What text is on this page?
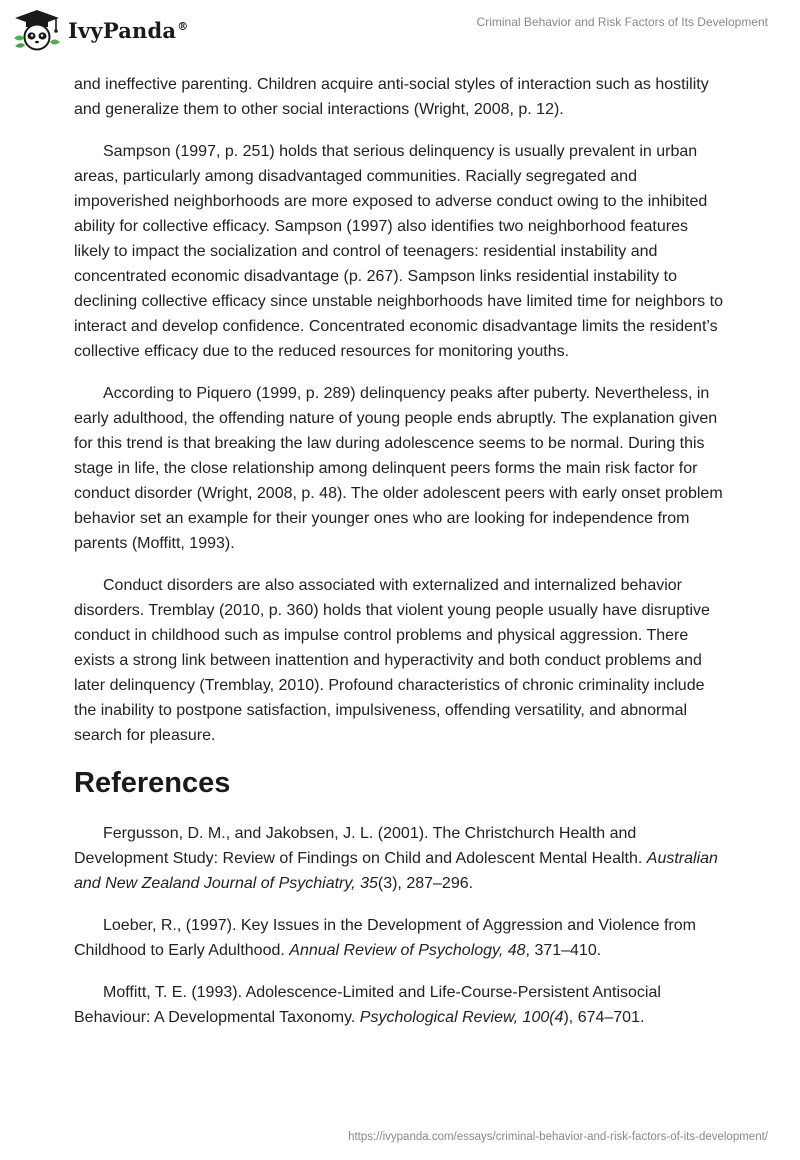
IvyPanda®	Criminal Behavior and Risk Factors of Its Development

and ineffective parenting. Children acquire anti-social styles of interaction such as hostility and generalize them to other social interactions (Wright, 2008, p. 12).

Sampson (1997, p. 251) holds that serious delinquency is usually prevalent in urban areas, particularly among disadvantaged communities. Racially segregated and impoverished neighborhoods are more exposed to adverse conduct owing to the inhibited ability for collective efficacy. Sampson (1997) also identifies two neighborhood features likely to impact the socialization and control of teenagers: residential instability and concentrated economic disadvantage (p. 267). Sampson links residential instability to declining collective efficacy since unstable neighborhoods have limited time for neighbors to interact and develop confidence. Concentrated economic disadvantage limits the resident’s collective efficacy due to the reduced resources for monitoring youths.

According to Piquero (1999, p. 289) delinquency peaks after puberty. Nevertheless, in early adulthood, the offending nature of young people ends abruptly. The explanation given for this trend is that breaking the law during adolescence seems to be normal. During this stage in life, the close relationship among delinquent peers forms the main risk factor for conduct disorder (Wright, 2008, p. 48). The older adolescent peers with early onset problem behavior set an example for their younger ones who are looking for independence from parents (Moffitt, 1993).

Conduct disorders are also associated with externalized and internalized behavior disorders. Tremblay (2010, p. 360) holds that violent young people usually have disruptive conduct in childhood such as impulse control problems and physical aggression. There exists a strong link between inattention and hyperactivity and both conduct problems and later delinquency (Tremblay, 2010). Profound characteristics of chronic criminality include the inability to postpone satisfaction, impulsiveness, offending versatility, and abnormal search for pleasure.

References

Fergusson, D. M., and Jakobsen, J. L. (2001). The Christchurch Health and Development Study: Review of Findings on Child and Adolescent Mental Health. Australian and New Zealand Journal of Psychiatry, 35(3), 287–296.

Loeber, R., (1997). Key Issues in the Development of Aggression and Violence from Childhood to Early Adulthood. Annual Review of Psychology, 48, 371–410.

Moffitt, T. E. (1993). Adolescence-Limited and Life-Course-Persistent Antisocial Behaviour: A Developmental Taxonomy. Psychological Review, 100(4), 674–701.

https://ivypanda.com/essays/criminal-behavior-and-risk-factors-of-its-development/
